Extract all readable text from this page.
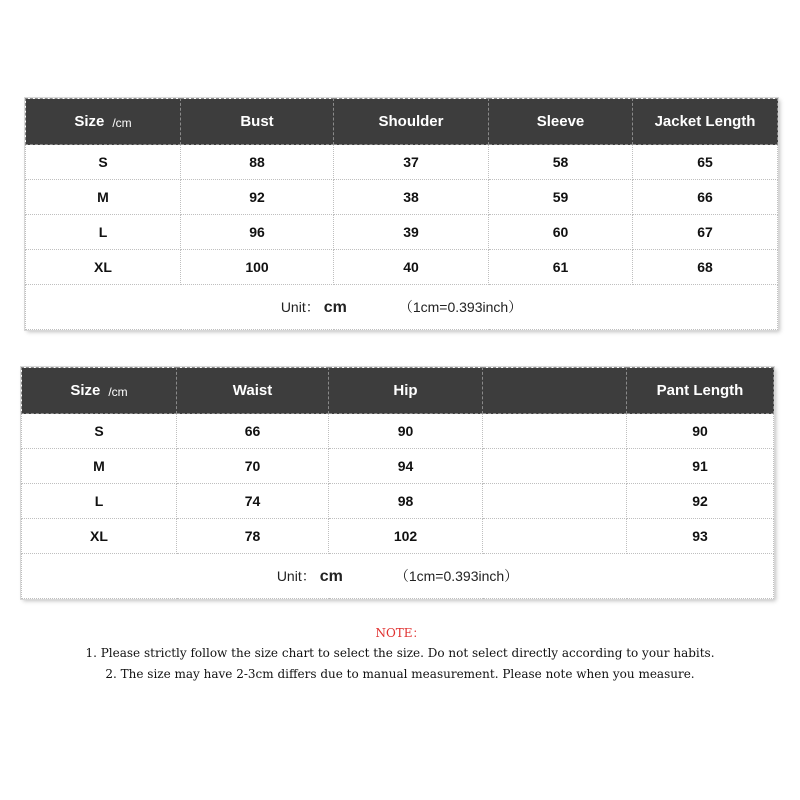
Size /cm	Bust	Shoulder	Sleeve	Jacket Length
S	88	37	58	65
M	92	38	59	66
L	96	39	60	67
XL	100	40	61	68
Unit： cm （1cm=0.393inch）				
Size /cm	Waist	Hip		Pant Length
S	66	90		90
M	70	94		91
L	74	98		92
XL	78	102		93
Unit： cm （1cm=0.393inch）				
NOTE：
1. Please strictly follow the size chart to select the size. Do not select directly according to your habits.
2. The size may have 2-3cm differs due to manual measurement. Please note when you measure.
